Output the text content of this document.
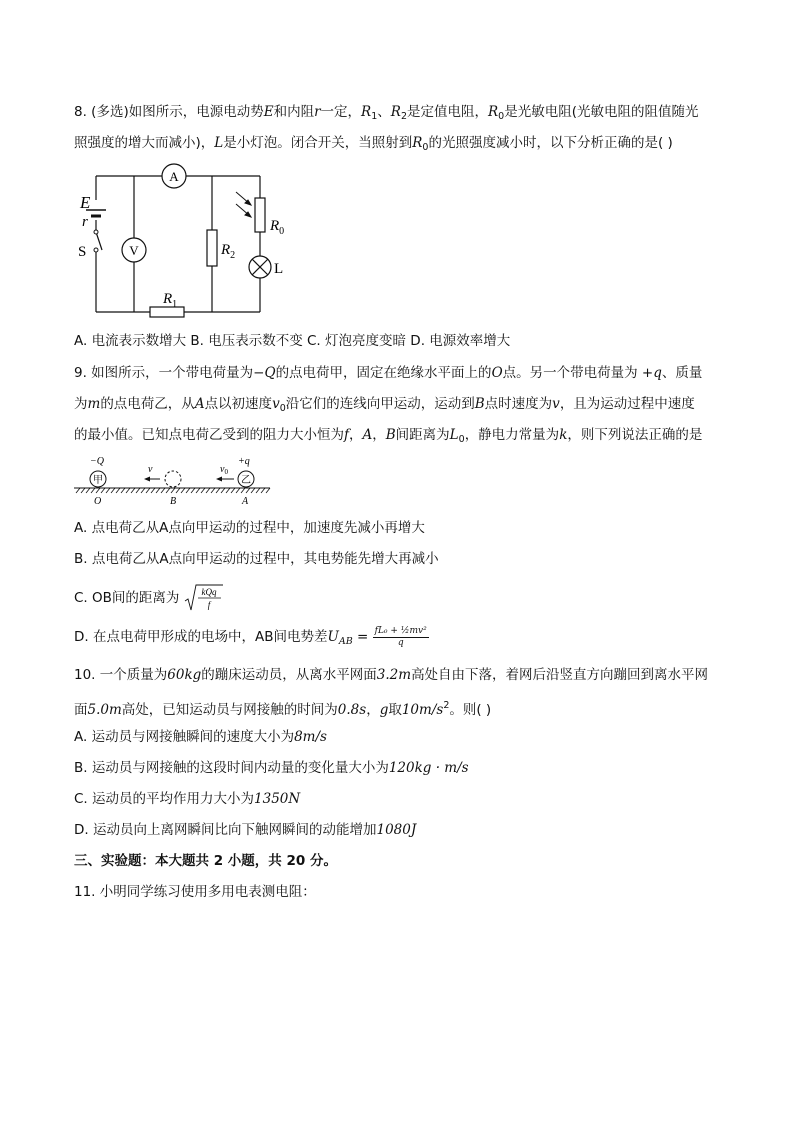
8. (多选)如图所示，电源电动势E和内阻r一定，$R_1$、$R_2$是定值电阻，$R_0$是光敏电阻(光敏电阻的阻值随光
照强度的增大而减小)，L是小灯泡。闭合开关，当照射到$R_0$的光照强度减小时，以下分析正确的是( )
E
r
S	V
A
$R_2$
$R_1$
$R_0$
L
A. 电流表示数增大 B. 电压表示数不变 C. 灯泡亮度变暗 D. 电源效率增大
9. 如图所示，一个带电荷量为−Q的点电荷甲，固定在绝缘水平面上的O点。另一个带电荷量为 +q、质量
为m的点电荷乙，从A点以初速度$v_0$沿它们的连线向甲运动，运动到B点时速度为v，且为运动过程中速度
的最小值。已知点电荷乙受到的阻力大小恒为f，A，B间距离为$L_0$，静电力常量为k，则下列说法正确的是
−Q
甲
v	$v_0$
+q
乙
O	B	A
A. 点电荷乙从A点向甲运动的过程中，加速度先减小再增大
B. 点电荷乙从A点向甲运动的过程中，其电势能先增大再减小
C. OB间的距离为 kQq
f
D. 在点电荷甲形成的电场中，AB间电势差$U_{AB} = \frac{\text{fL₀ + ½mv²}}{q}$
10. 一个质量为60kg的蹦床运动员，从离水平网面3.2m高处自由下落，着网后沿竖直方向蹦回到离水平网
面5.0m高处，已知运动员与网接触的时间为0.8s，g取$10m/s^2$。则( )
A. 运动员与网接触瞬间的速度大小为8m/s
B. 运动员与网接触的这段时间内动量的变化量大小为120kg · m/s
C. 运动员的平均作用力大小为1350N
D. 运动员向上离网瞬间比向下触网瞬间的动能增加1080J
三、实验题：本大题共 2 小题，共 20 分。
11. 小明同学练习使用多用电表测电阻：
